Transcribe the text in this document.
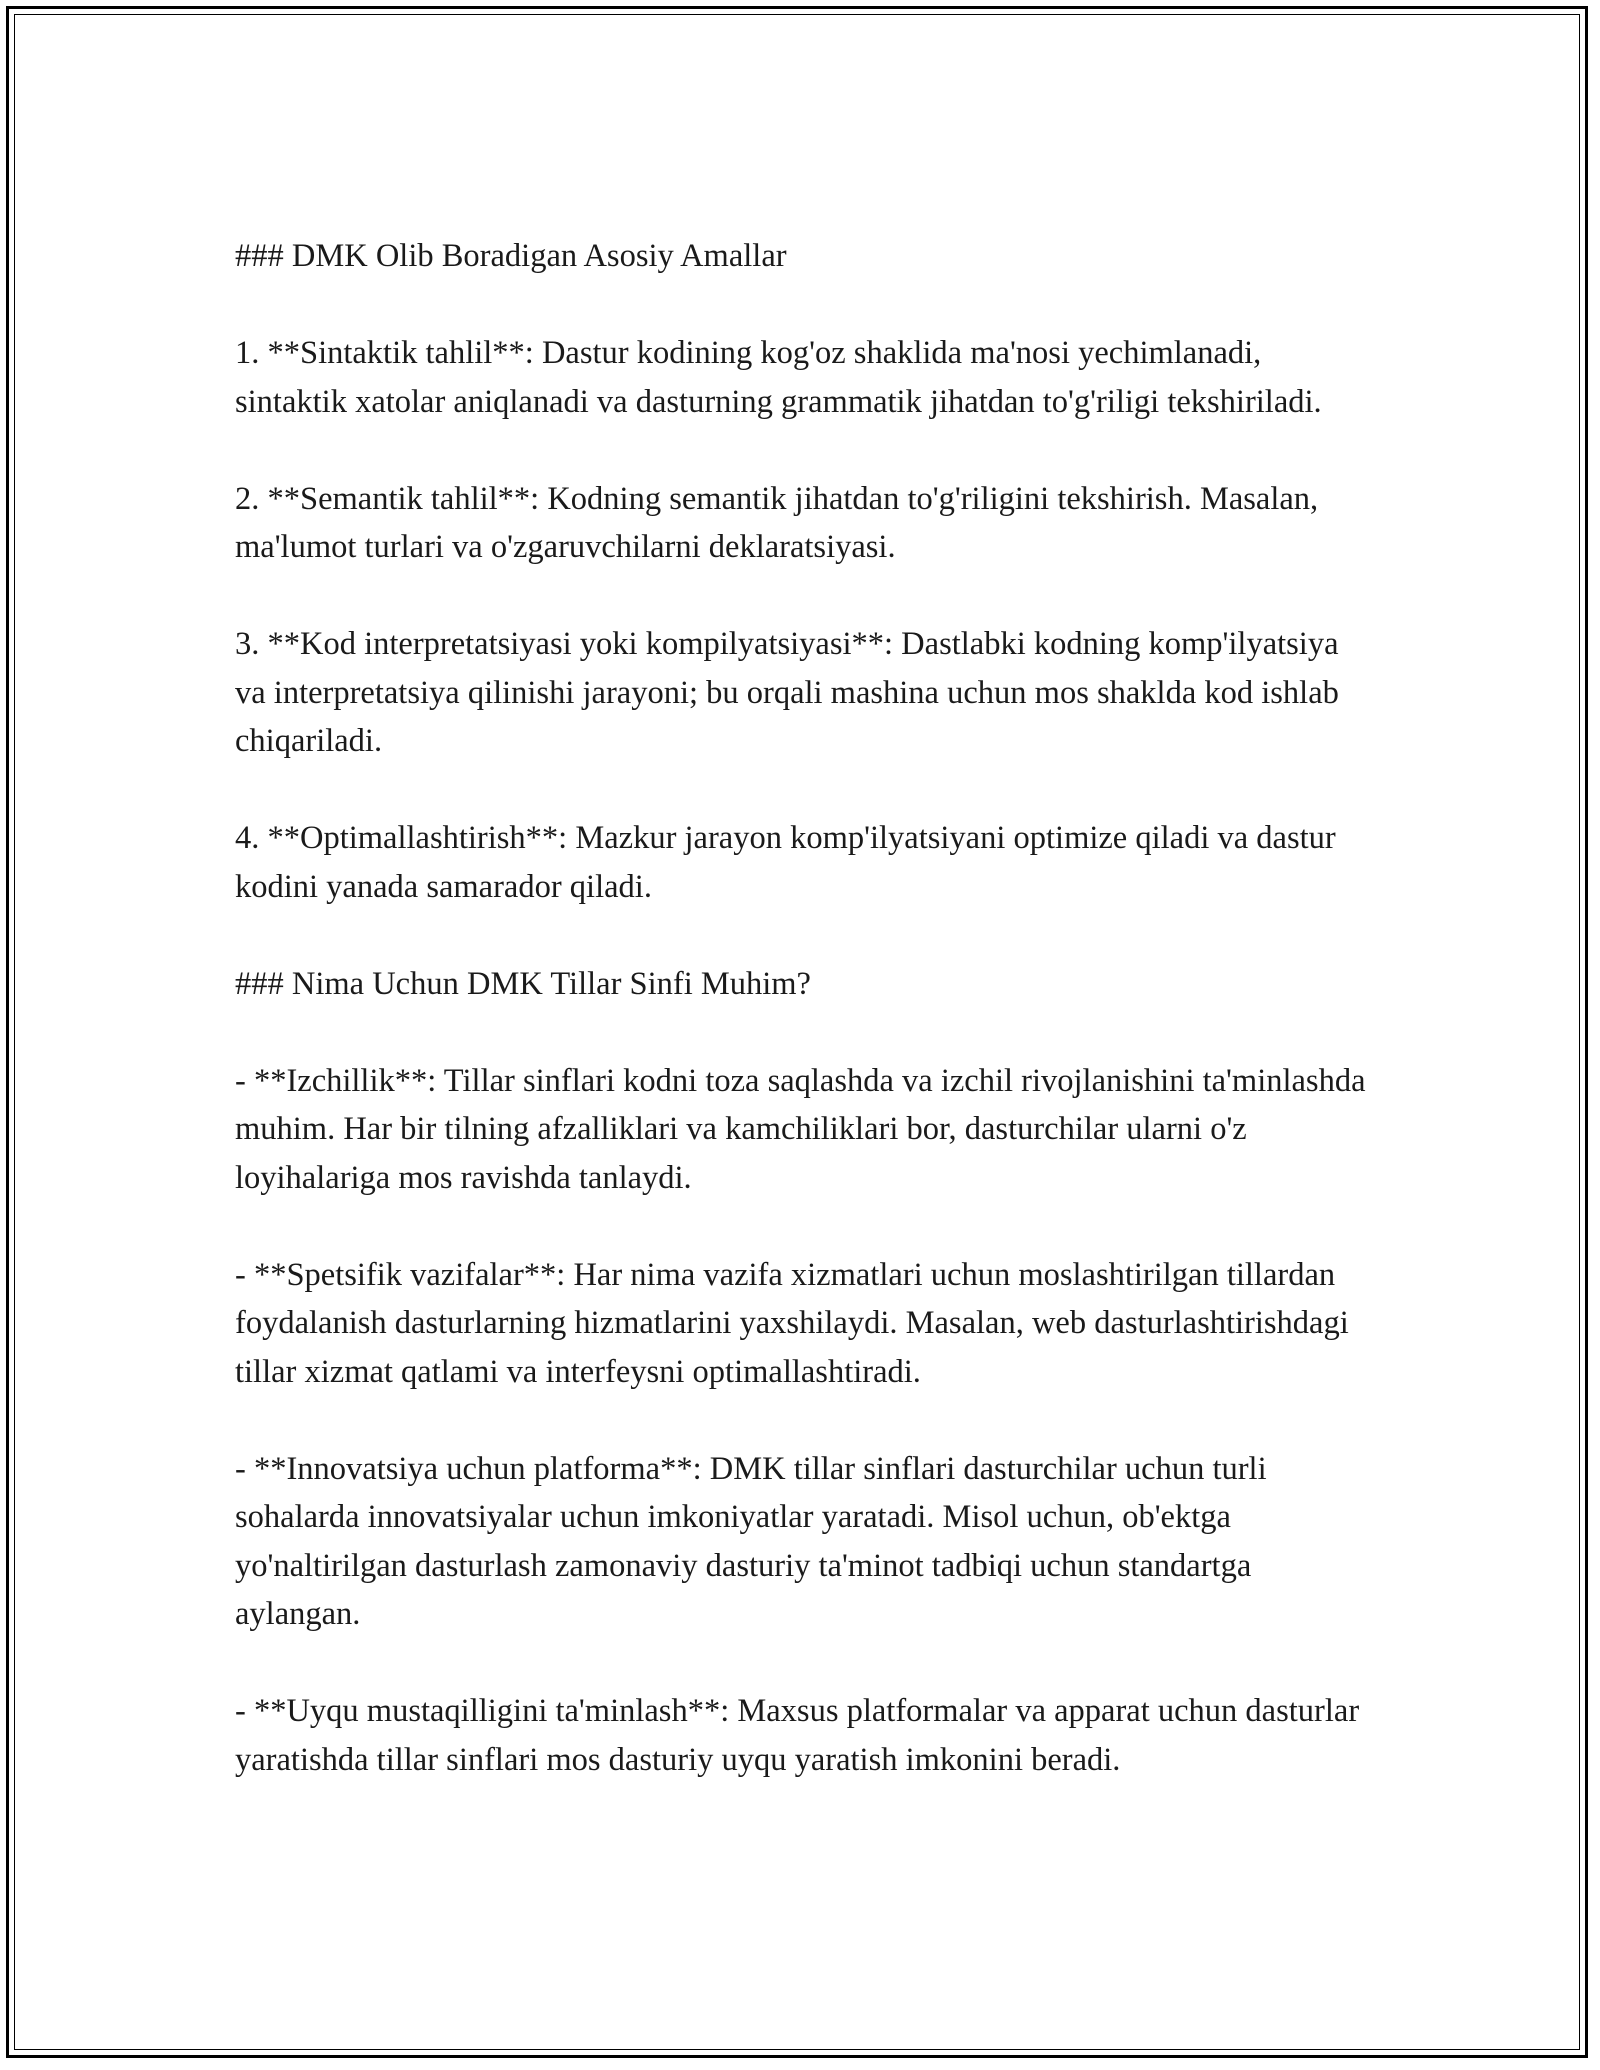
### DMK Olib Boradigan Asosiy Amallar

1. **Sintaktik tahlil**: Dastur kodining kog'oz shaklida ma'nosi yechimlanadi, sintaktik xatolar aniqlanadi va dasturning grammatik jihatdan to'g'riligi tekshiriladi.

2. **Semantik tahlil**: Kodning semantik jihatdan to'g'riligini tekshirish. Masalan, ma'lumot turlari va o'zgaruvchilarni deklaratsiyasi.

3. **Kod interpretatsiyasi yoki kompilyatsiyasi**: Dastlabki kodning komp'ilyatsiya va interpretatsiya qilinishi jarayoni; bu orqali mashina uchun mos shaklda kod ishlab chiqariladi.

4. **Optimallashtirish**: Mazkur jarayon komp'ilyatsiyani optimize qiladi va dastur kodini yanada samarador qiladi.

### Nima Uchun DMK Tillar Sinfi Muhim?

- **Izchillik**: Tillar sinflari kodni toza saqlashda va izchil rivojlanishini ta'minlashda muhim. Har bir tilning afzalliklari va kamchiliklari bor, dasturchilar ularni o'z loyihalariga mos ravishda tanlaydi.

- **Spetsifik vazifalar**: Har nima vazifa xizmatlari uchun moslashtirilgan tillardan foydalanish dasturlarning hizmatlarini yaxshilaydi. Masalan, web dasturlashtirishdagi tillar xizmat qatlami va interfeysni optimallashtiradi.

- **Innovatsiya uchun platforma**: DMK tillar sinflari dasturchilar uchun turli sohalarda innovatsiyalar uchun imkoniyatlar yaratadi. Misol uchun, ob'ektga yo'naltirilgan dasturlash zamonaviy dasturiy ta'minot tadbiqi uchun standartga aylangan.

- **Uyqu mustaqilligini ta'minlash**: Maxsus platformalar va apparat uchun dasturlar yaratishda tillar sinflari mos dasturiy uyqu yaratish imkonini beradi.
